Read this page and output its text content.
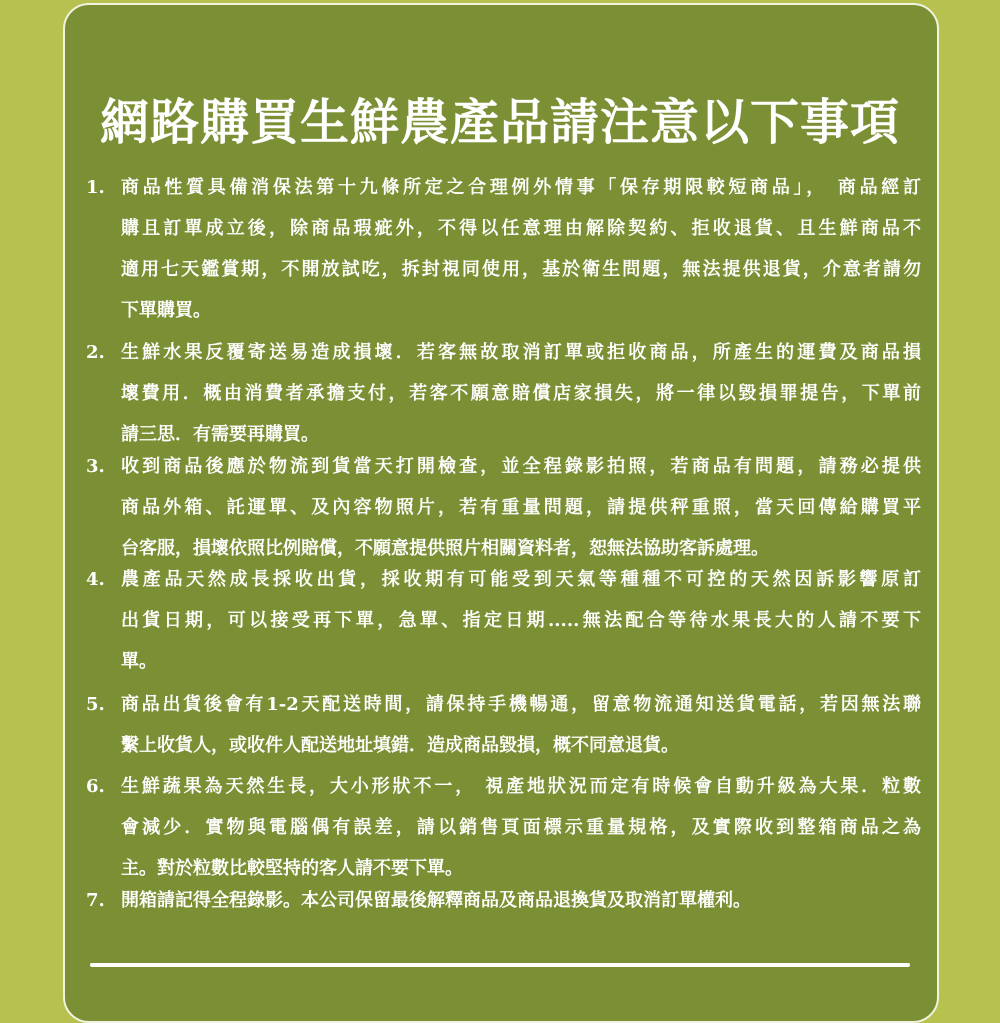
網路購買生鮮農產品請注意以下事項
1. 商品性質具備消保法第十九條所定之合理例外情事「保存期限較短商品」， 商品經訂
購且訂單成立後，除商品瑕疵外，不得以任意理由解除契約、拒收退貨、且生鮮商品不
適用七天鑑賞期，不開放試吃，拆封視同使用，基於衛生問題，無法提供退貨，介意者請勿
下單購買。
2. 生鮮水果反覆寄送易造成損壞．若客無故取消訂單或拒收商品，所產生的運費及商品損
壞費用．概由消費者承擔支付，若客不願意賠償店家損失，將一律以毀損罪提告，下單前
請三思．有需要再購買。
3. 收到商品後應於物流到貨當天打開檢查，並全程錄影拍照，若商品有問題，請務必提供
商品外箱、託運單、及內容物照片，若有重量問題，請提供秤重照，當天回傳給購買平
台客服，損壞依照比例賠償，不願意提供照片相關資料者，恕無法協助客訴處理。
4. 農產品天然成長採收出貨，採收期有可能受到天氣等種種不可控的天然因訴影響原訂
出貨日期，可以接受再下單，急單、指定日期.....無法配合等待水果長大的人請不要下
單。
5. 商品出貨後會有1-2天配送時間，請保持手機暢通，留意物流通知送貨電話，若因無法聯
繫上收貨人，或收件人配送地址填錯．造成商品毀損，概不同意退貨。
6. 生鮮蔬果為天然生長，大小形狀不一， 視產地狀況而定有時候會自動升級為大果．粒數
會減少．實物與電腦偶有誤差，請以銷售頁面標示重量規格，及實際收到整箱商品之為
主。對於粒數比較堅持的客人請不要下單。
7. 開箱請記得全程錄影。本公司保留最後解釋商品及商品退換貨及取消訂單權利。
